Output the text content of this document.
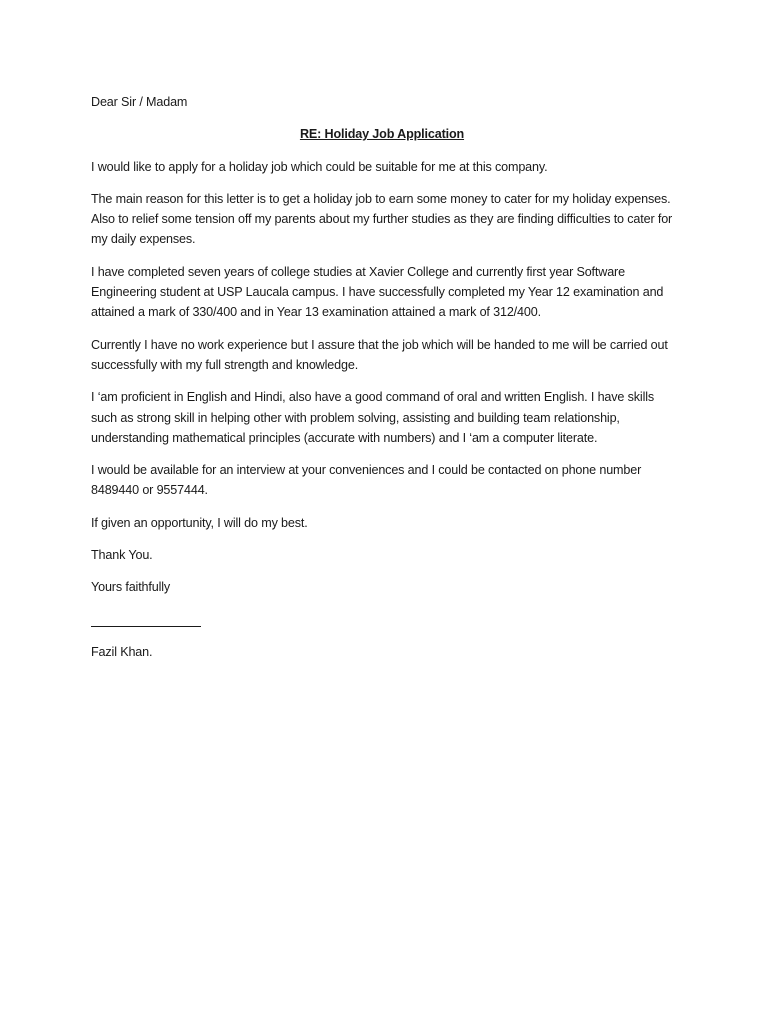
Dear Sir / Madam

RE: Holiday Job Application

I would like to apply for a holiday job which could be suitable for me at this company.

The main reason for this letter is to get a holiday job to earn some money to cater for my holiday expenses. Also to relief some tension off my parents about my further studies as they are finding difficulties to cater for my daily expenses.

I have completed seven years of college studies at Xavier College and currently first year Software Engineering student at USP Laucala campus. I have successfully completed my Year 12 examination and attained a mark of 330/400 and in Year 13 examination attained a mark of 312/400.

Currently I have no work experience but I assure that the job which will be handed to me will be carried out successfully with my full strength and knowledge.

I ‘am proficient in English and Hindi, also have a good command of oral and written English. I have skills such as strong skill in helping other with problem solving, assisting and building team relationship, understanding mathematical principles (accurate with numbers) and I ‘am a computer literate.

I would be available for an interview at your conveniences and I could be contacted on phone number 8489440 or 9557444.

If given an opportunity, I will do my best.

Thank You.

Yours faithfully

Fazil Khan.
